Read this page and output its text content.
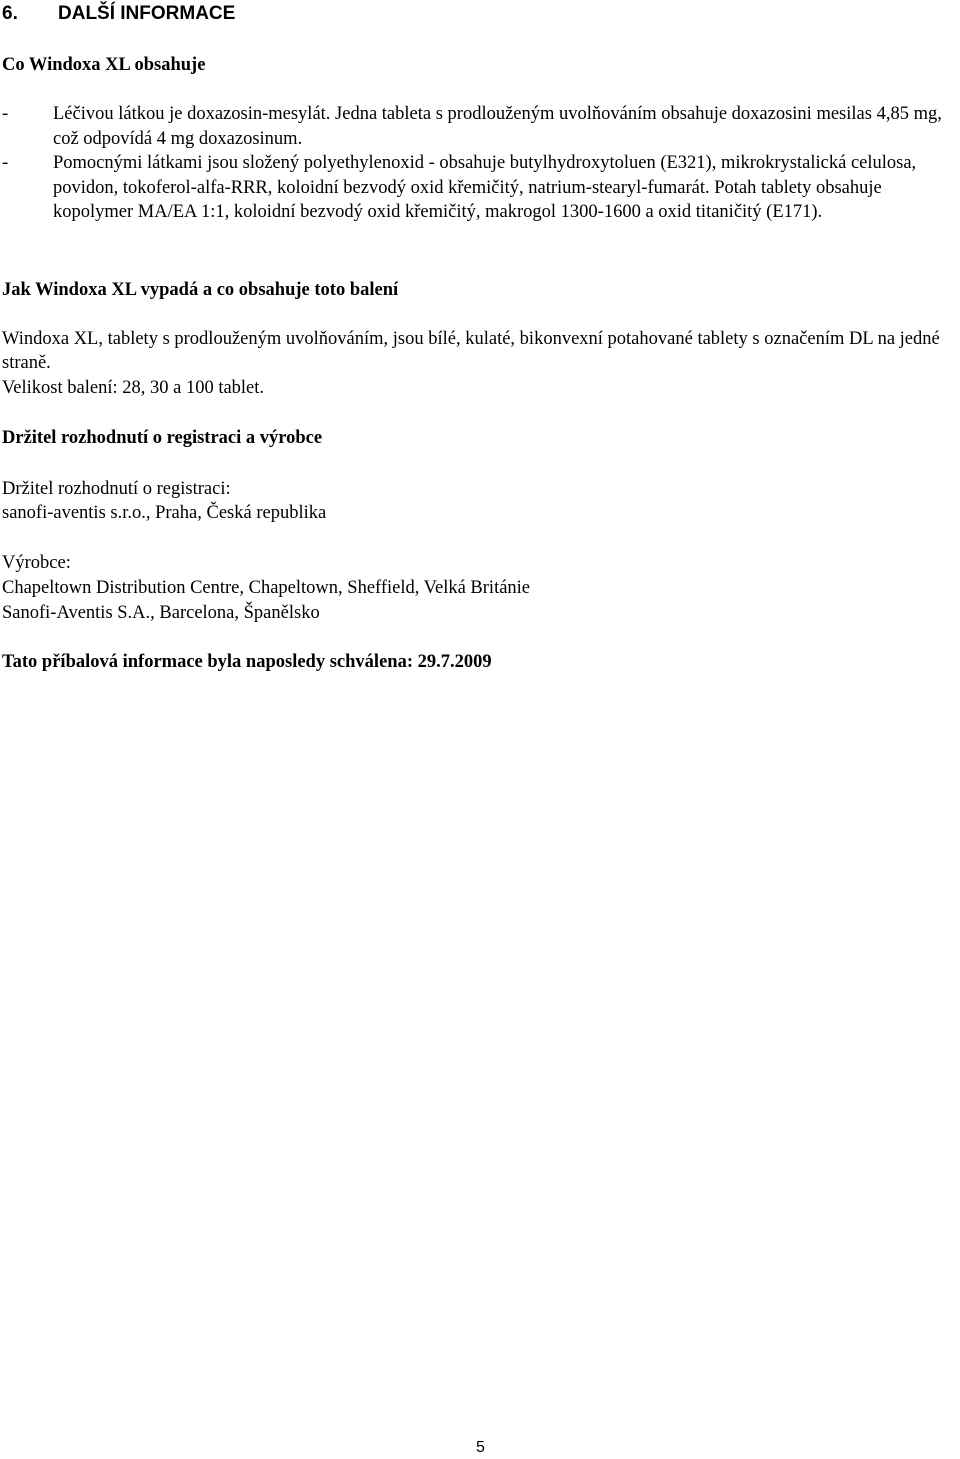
6. DALŠÍ INFORMACE
Co Windoxa XL obsahuje
- Léčivou látkou je doxazosin-mesylát. Jedna tableta s prodlouženým uvolňováním obsahuje doxazosini mesilas 4,85 mg, což odpovídá 4 mg doxazosinum.
- Pomocnými látkami jsou složený polyethylenoxid - obsahuje butylhydroxytoluen (E321), mikrokrystalická celulosa, povidon, tokoferol-alfa-RRR, koloidní bezvodý oxid křemičitý, natrium-stearyl-fumarát. Potah tablety obsahuje kopolymer MA/EA 1:1, koloidní bezvodý oxid křemičitý, makrogol 1300-1600 a oxid titaničitý (E171).
Jak Windoxa XL vypadá a co obsahuje toto balení
Windoxa XL, tablety s prodlouženým uvolňováním, jsou bílé, kulaté, bikonvexní potahované tablety s označením DL na jedné straně.
Velikost balení: 28, 30 a 100 tablet.
Držitel rozhodnutí o registraci a výrobce
Držitel rozhodnutí o registraci:
sanofi-aventis s.r.o., Praha, Česká republika
Výrobce:
Chapeltown Distribution Centre, Chapeltown, Sheffield, Velká Británie
Sanofi-Aventis S.A., Barcelona, Španělsko
Tato příbalová informace byla naposledy schválena: 29.7.2009
5
